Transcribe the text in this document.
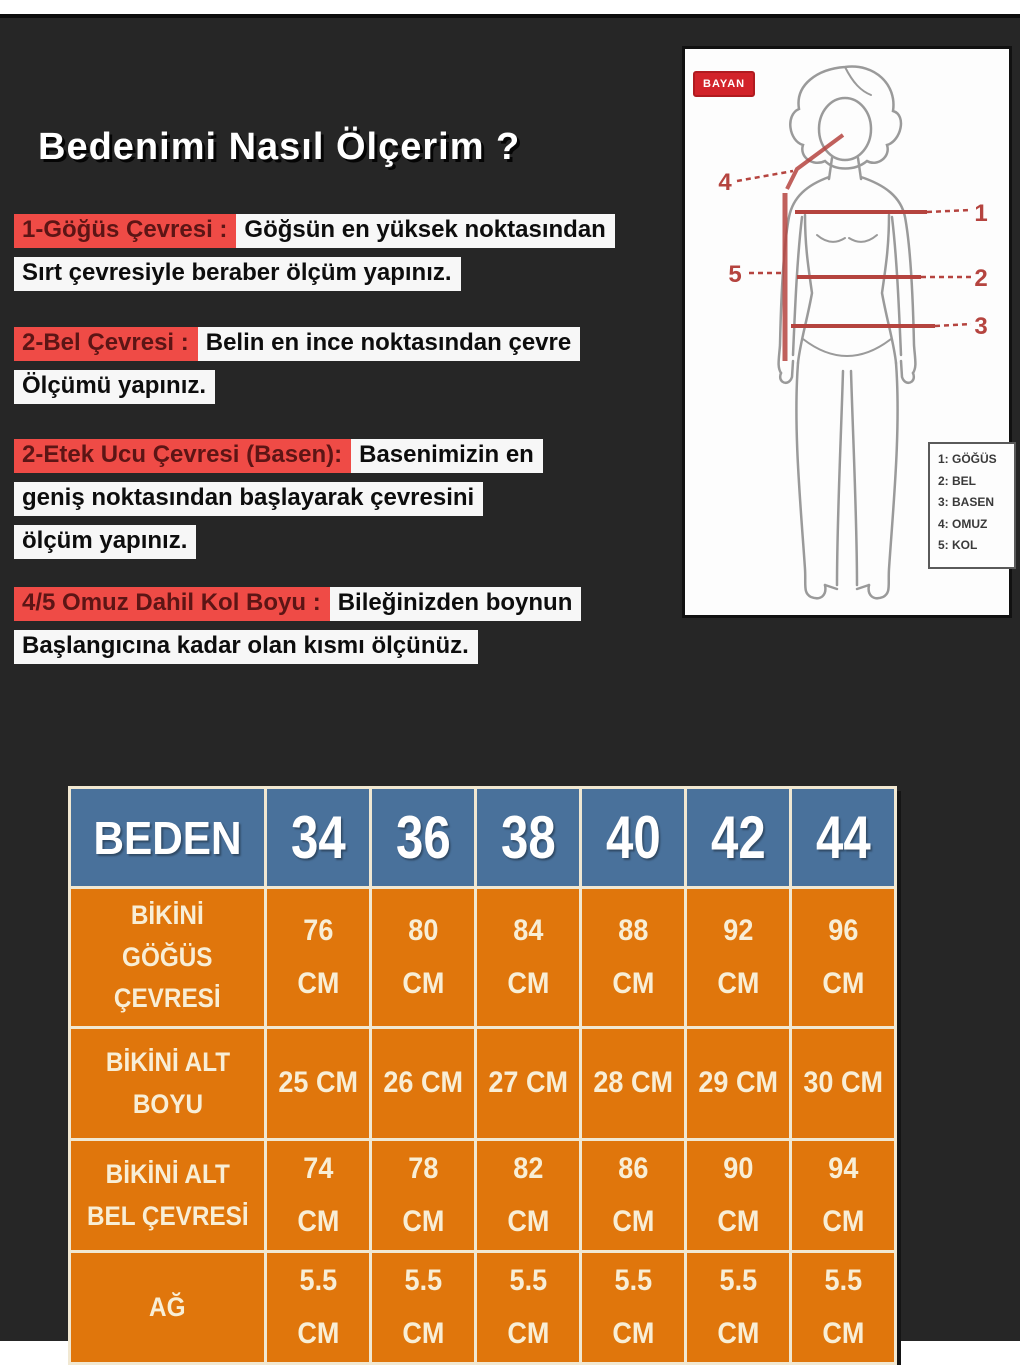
Bedenimi Nasıl Ölçerim ?
1-Göğüs Çevresi :Göğsün en yüksek noktasından
Sırt çevresiyle beraber ölçüm yapınız.
2-Bel Çevresi :Belin en ince noktasından çevre
Ölçümü yapınız.
2-Etek Ucu Çevresi (Basen): Basenimizin en
geniş noktasından başlayarak çevresini
ölçüm yapınız.
4/5 Omuz Dahil Kol Boyu :Bileğinizden boynun
Başlangıcına kadar olan kısmı ölçünüz.
1
2
3
4
5
BAYAN
1: GÖĞÜS
2: BEL
3: BASEN
4: OMUZ
5: KOL
BEDEN 34 36 38 40 42 44
BİKİNİ
GÖĞÜS
ÇEVRESİ
76
CM
80
CM
84
CM
88
CM
92
CM
96
CM
BİKİNİ ALT
BOYU
25 CM 26 CM 27 CM 28 CM 29 CM 30 CM
BİKİNİ ALT
BEL ÇEVRESİ
74
CM
78
CM
82
CM
86
CM
90
CM
94
CM
AĞ
5.5
CM
5.5
CM
5.5
CM
5.5
CM
5.5
CM
5.5
CM
